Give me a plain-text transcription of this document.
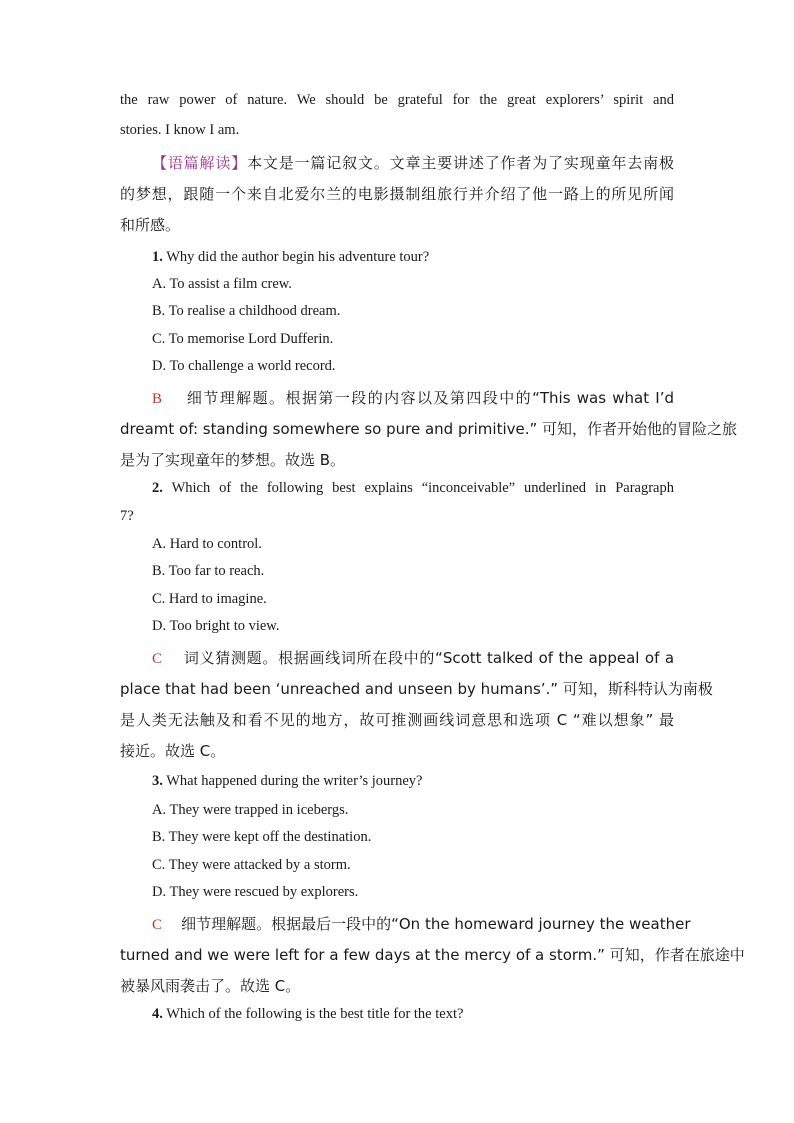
the raw power of nature. We should be grateful for the great explorers’ spirit and
stories. I know I am.
【语篇解读】本文是一篇记叙文。文章主要讲述了作者为了实现童年去南极
的梦想，跟随一个来自北爱尔兰的电影摄制组旅行并介绍了他一路上的所见所闻
和所感。
1. Why did the author begin his adventure tour?
A. To assist a film crew.
B. To realise a childhood dream.
C. To memorise Lord Dufferin.
D. To challenge a world record.
B 细节理解题。根据第一段的内容以及第四段中的“This was what I’d
dreamt of: standing somewhere so pure and primitive.” 可知，作者开始他的冒险之旅
是为了实现童年的梦想。故选 B。
2. Which of the following best explains “inconceivable” underlined in Paragraph
7?
A. Hard to control.
B. Too far to reach.
C. Hard to imagine.
D. Too bright to view.
C 词义猜测题。根据画线词所在段中的“Scott talked of the appeal of a
place that had been ‘unreached and unseen by humans’.” 可知，斯科特认为南极
是人类无法触及和看不见的地方，故可推测画线词意思和选项 C “难以想象” 最
接近。故选 C。
3. What happened during the writer’s journey?
A. They were trapped in icebergs.
B. They were kept off the destination.
C. They were attacked by a storm.
D. They were rescued by explorers.
C 细节理解题。根据最后一段中的“On the homeward journey the weather
turned and we were left for a few days at the mercy of a storm.” 可知，作者在旅途中
被暴风雨袭击了。故选 C。
4. Which of the following is the best title for the text?
